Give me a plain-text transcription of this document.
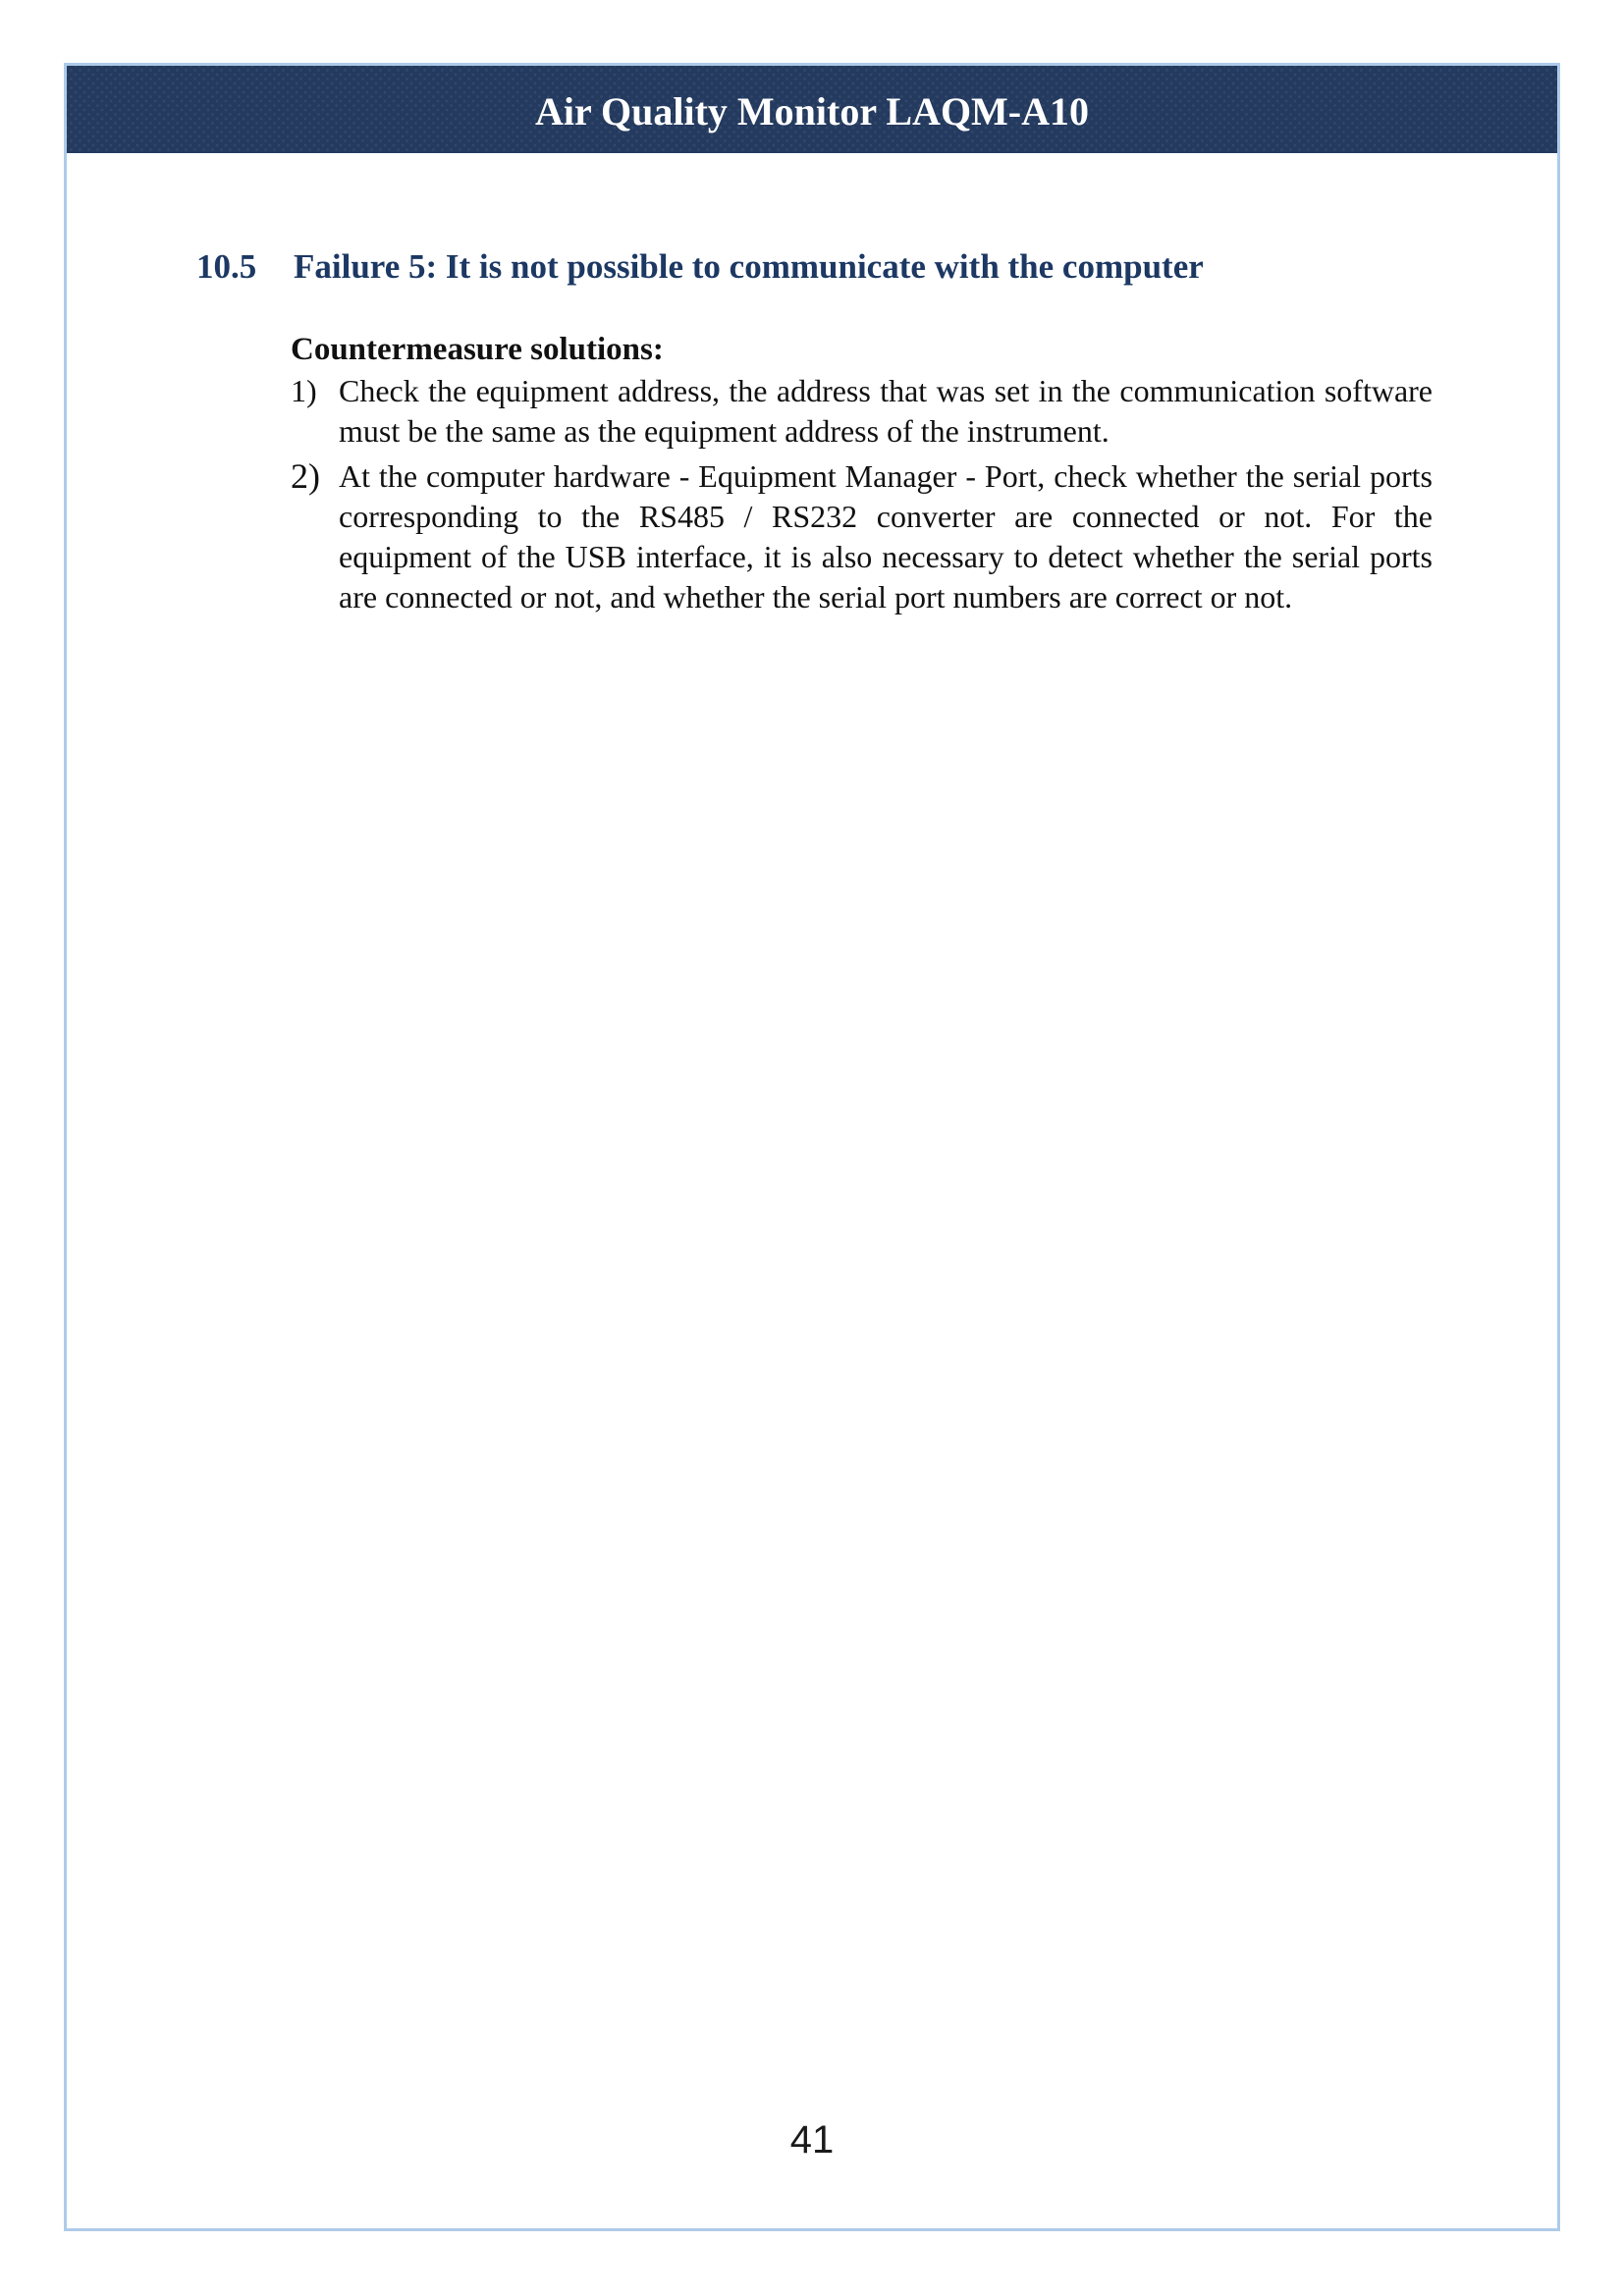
Air Quality Monitor LAQM-A10
10.5	Failure 5: It is not possible to communicate with the computer
Countermeasure solutions:
1) Check the equipment address, the address that was set in the communication software must be the same as the equipment address of the instrument.
2) At the computer hardware - Equipment Manager - Port, check whether the serial ports corresponding to the RS485 / RS232 converter are connected or not. For the equipment of the USB interface, it is also necessary to detect whether the serial ports are connected or not, and whether the serial port numbers are correct or not.
41
